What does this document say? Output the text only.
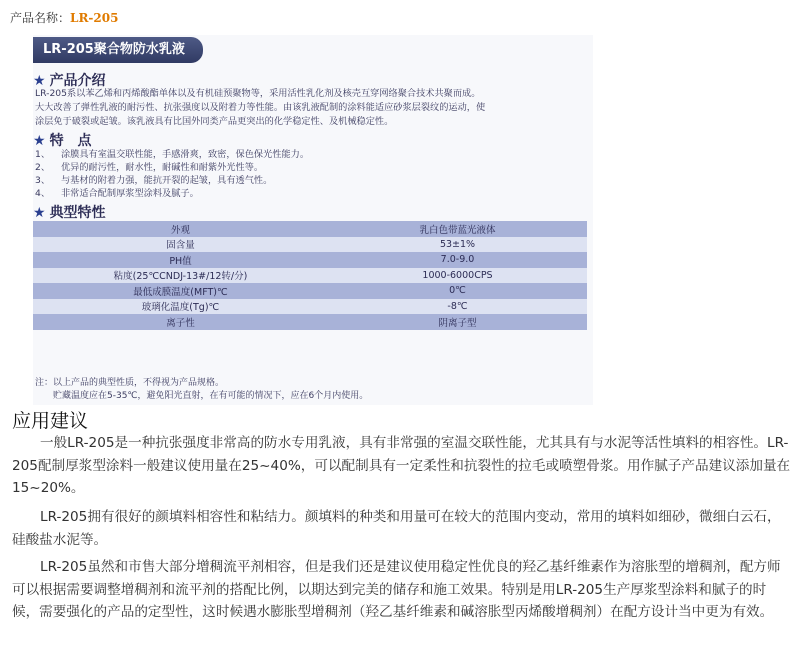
产品名称：LR-205
LR-205聚合物防水乳液
★ 产品介绍
LR-205系以苯乙烯和丙烯酸酯单体以及有机硅预聚物等，采用活性乳化剂及核壳互穿网络聚合技术共聚而成。
大大改善了弹性乳液的耐污性、抗张强度以及附着力等性能。由该乳液配制的涂料能适应砂浆层裂纹的运动，使
涂层免于破裂或起皱。该乳液具有比国外同类产品更突出的化学稳定性、及机械稳定性。
★ 特　点
1、	涂膜具有室温交联性能，手感滑爽，致密，保色保光性能力。
2、	优异的耐污性，耐水性，耐碱性和耐紫外光性等。
3、	与基材的附着力强，能抗开裂的起皱，具有透气性。
4、	非常适合配制厚浆型涂料及腻子。
★ 典型特性
外观	乳白色带蓝光液体
固含量	53±1%
PH值	7.0-9.0
粘度(25℃CNDJ-13#/12转/分)	1000-6000CPS
最低成膜温度(MFT)℃	0℃
玻璃化温度(Tg)℃	-8℃
离子性	阴离子型
注：以上产品的典型性质，不得视为产品规格。
　　贮藏温度应在5-35℃，避免阳光直射，在有可能的情况下，应在6个月内使用。
应用建议
一般LR-205是一种抗张强度非常高的防水专用乳液，具有非常强的室温交联性能，尤其具有与水泥等活性填料的相容性。LR-205配制厚浆型涂料一般建议使用量在25~40%，可以配制具有一定柔性和抗裂性的拉毛或喷塑骨浆。用作腻子产品建议添加量在15~20%。
LR-205拥有很好的颜填料相容性和粘结力。颜填料的种类和用量可在较大的范围内变动，常用的填料如细砂，微细白云石，硅酸盐水泥等。
LR-205虽然和市售大部分增稠流平剂相容，但是我们还是建议使用稳定性优良的羟乙基纤维素作为溶胀型的增稠剂，配方师可以根据需要调整增稠剂和流平剂的搭配比例，以期达到完美的储存和施工效果。特别是用LR-205生产厚浆型涂料和腻子的时候，需要强化的产品的定型性，这时候遇水膨胀型增稠剂（羟乙基纤维素和碱溶胀型丙烯酸增稠剂）在配方设计当中更为有效。
